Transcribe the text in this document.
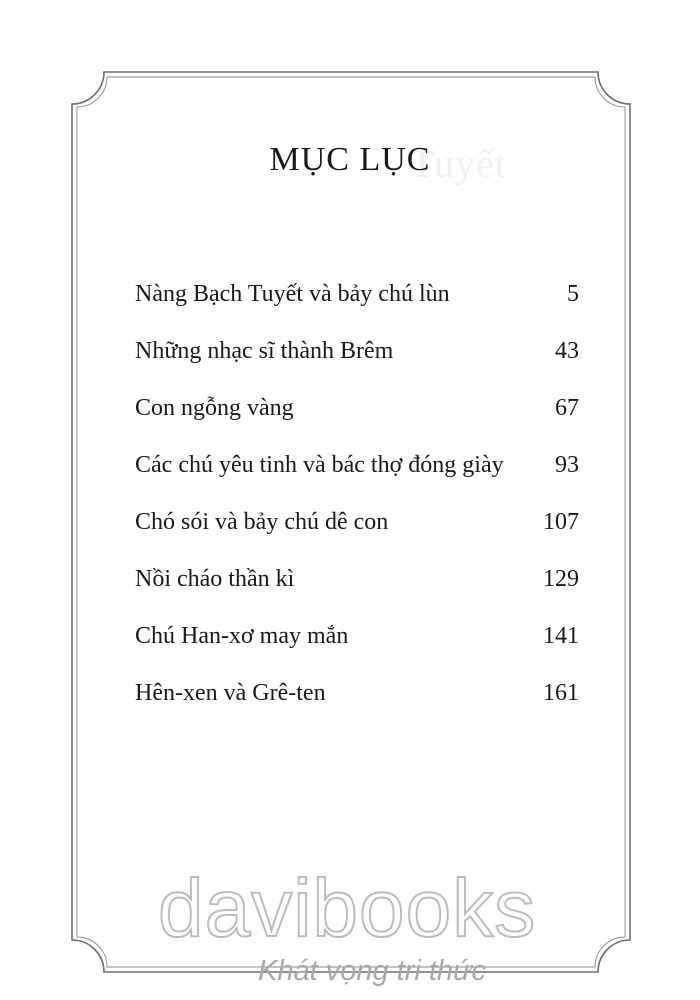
Tuyết
MỤC LỤC
Nàng Bạch Tuyết và bảy chú lùn	5
Những nhạc sĩ thành Brêm	43
Con ngỗng vàng	67
Các chú yêu tinh và bác thợ đóng giày 93
Chó sói và bảy chú dê con	107
Nồi cháo thần kì	129
Chú Han-xơ may mắn	141
Hên-xen và Grê-ten	161
davibooks
Khát vọng tri thức
